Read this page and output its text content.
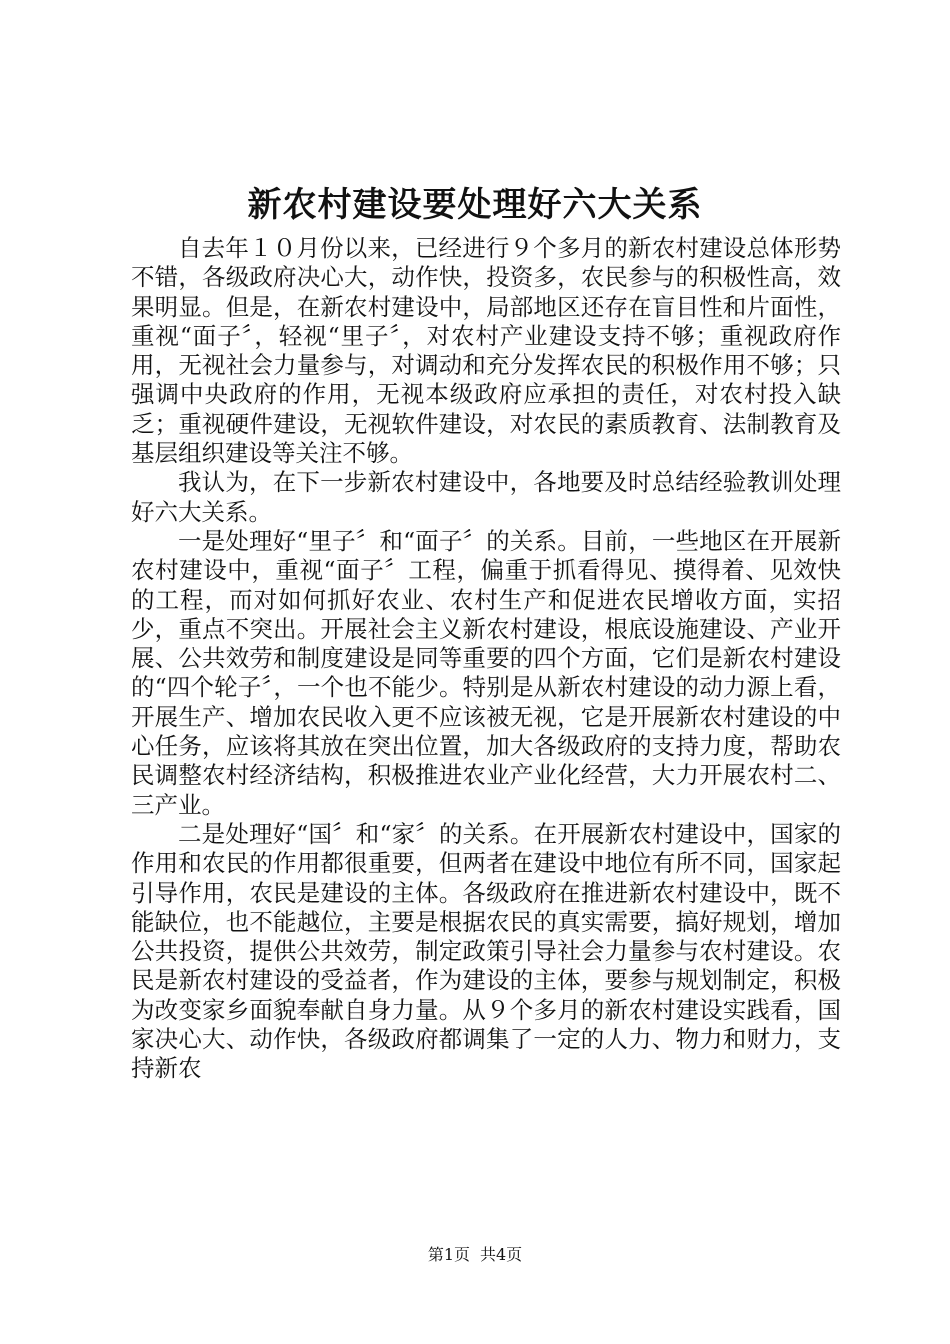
新农村建设要处理好六大关系

自去年１０月份以来，已经进行９个多月的新农村建设总体形势不错，各级政府决心大，动作快，投资多，农民参与的积极性高，效果明显。但是，在新农村建设中，局部地区还存在盲目性和片面性，重视“面子〞，轻视“里子〞，对农村产业建设支持不够；重视政府作用，无视社会力量参与，对调动和充分发挥农民的积极作用不够；只强调中央政府的作用，无视本级政府应承担的责任，对农村投入缺乏；重视硬件建设，无视软件建设，对农民的素质教育、法制教育及基层组织建设等关注不够。

我认为，在下一步新农村建设中，各地要及时总结经验教训处理好六大关系。

一是处理好“里子〞和“面子〞的关系。目前，一些地区在开展新农村建设中，重视“面子〞工程，偏重于抓看得见、摸得着、见效快的工程，而对如何抓好农业、农村生产和促进农民增收方面，实招少，重点不突出。开展社会主义新农村建设，根底设施建设、产业开展、公共效劳和制度建设是同等重要的四个方面，它们是新农村建设的“四个轮子〞，一个也不能少。特别是从新农村建设的动力源上看，开展生产、增加农民收入更不应该被无视，它是开展新农村建设的中心任务，应该将其放在突出位置，加大各级政府的支持力度，帮助农民调整农村经济结构，积极推进农业产业化经营，大力开展农村二、三产业。

二是处理好“国〞和“家〞的关系。在开展新农村建设中，国家的作用和农民的作用都很重要，但两者在建设中地位有所不同，国家起引导作用，农民是建设的主体。各级政府在推进新农村建设中，既不能缺位，也不能越位，主要是根据农民的真实需要，搞好规划，增加公共投资，提供公共效劳，制定政策引导社会力量参与农村建设。农民是新农村建设的受益者，作为建设的主体，要参与规划制定，积极为改变家乡面貌奉献自身力量。从９个多月的新农村建设实践看，国家决心大、动作快，各级政府都调集了一定的人力、物力和财力，支持新农

第1页 共4页
